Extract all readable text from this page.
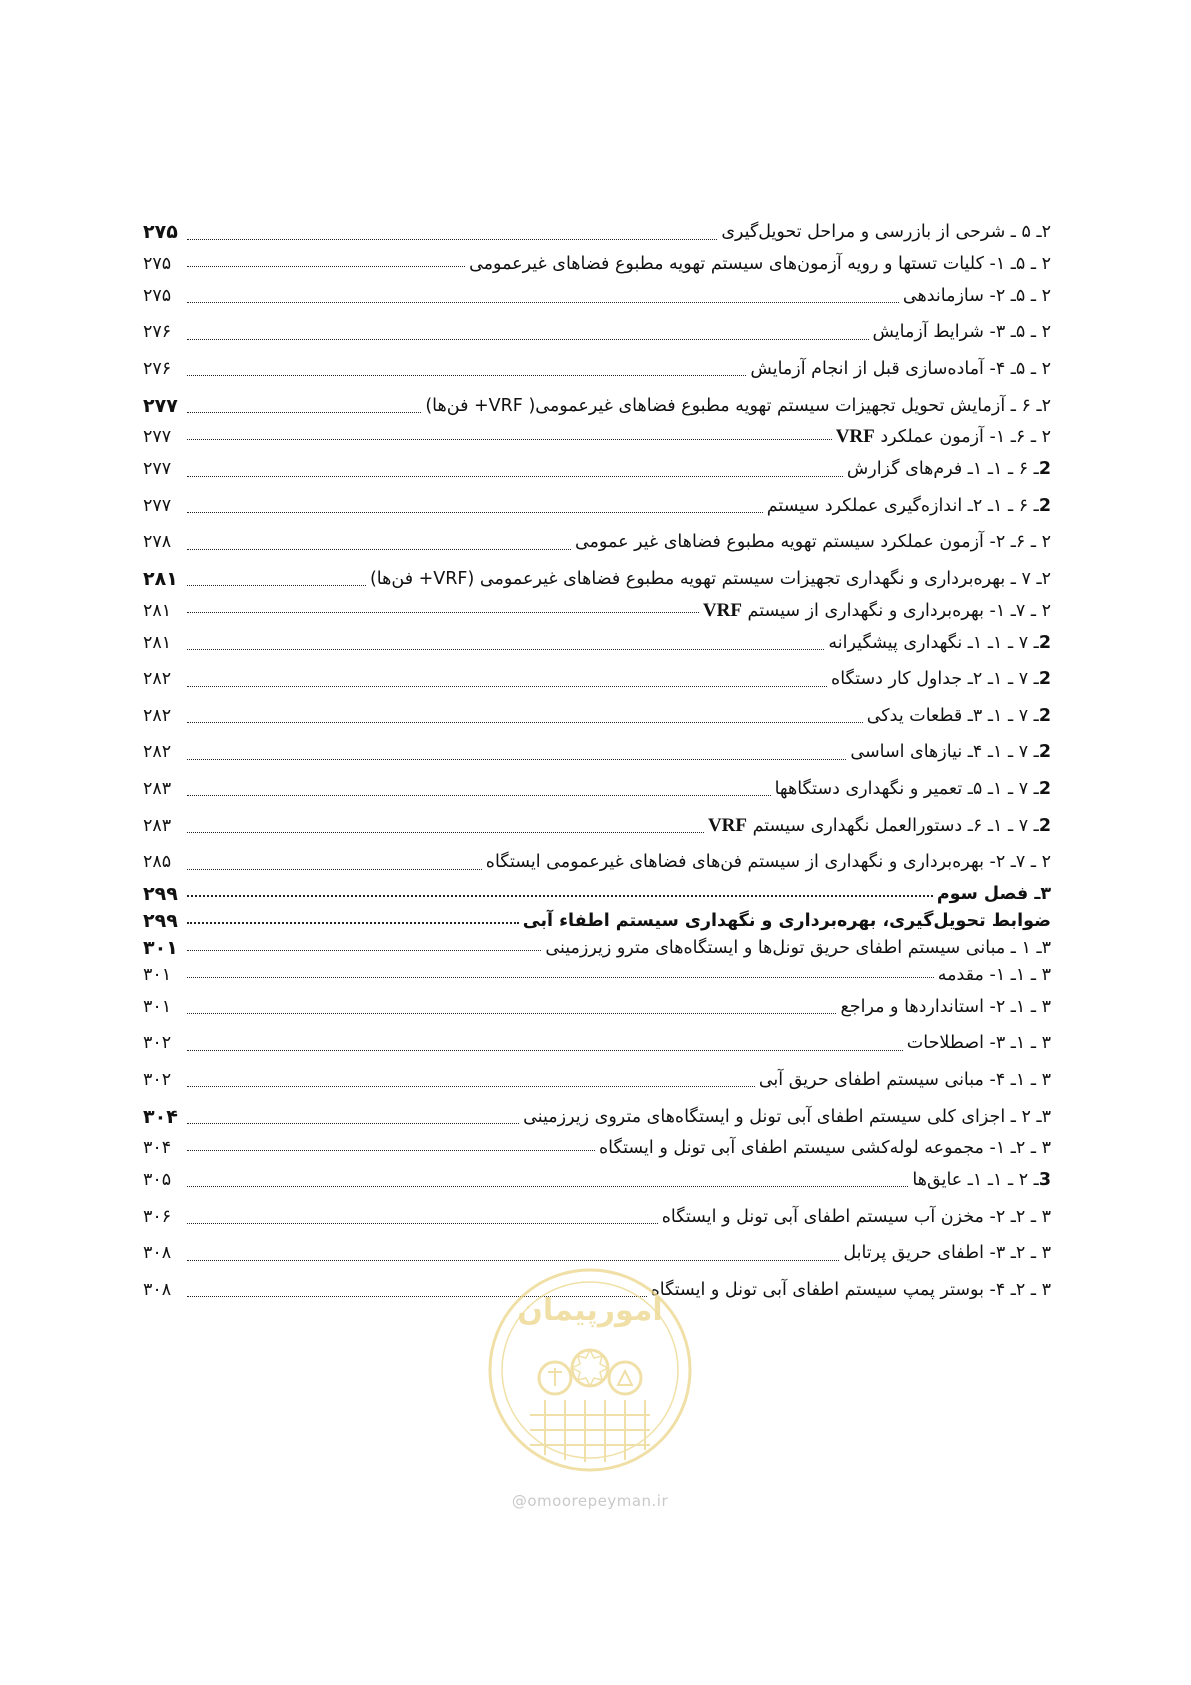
۲ـ ۵ ـ شرحی از بازرسی و مراحل تحویل‌گیری
۲۷۵
۲ ـ ۵ـ ۱- کلیات تستها و رویه آزمون‌های سیستم تهویه مطبوع فضاهای غیرعمومی
۲۷۵
۲ ـ ۵ـ ۲- سازماندهی
۲۷۵
۲ ـ ۵ـ ۳- شرایط آزمایش
۲۷۶
۲ ـ ۵ـ ۴- آماده‌سازی قبل از انجام آزمایش
۲۷۶
۲ـ ۶ ـ آزمایش تحویل تجهیزات سیستم تهویه مطبوع فضاهای غیرعمومی( VRF+ فن‌ها)
۲۷۷
۲ ـ ۶ـ ۱- آزمون عملکرد VRF
۲۷۷
2ـ ۶ ـ ۱ـ ۱ـ فرم‌های گزارش
۲۷۷
2ـ ۶ ـ ۱ـ ۲ـ اندازه‌گیری عملکرد سیستم
۲۷۷
۲ ـ ۶ـ ۲- آزمون عملکرد سیستم تهویه مطبوع فضاهای غیر عمومی
۲۷۸
۲ـ ۷ ـ بهره‌برداری و نگهداری تجهیزات سیستم تهویه مطبوع فضاهای غیرعمومی (VRF+ فن‌ها)
۲۸۱
۲ ـ ۷ـ ۱- بهره‌برداری و نگهداری از سیستم VRF
۲۸۱
2ـ ۷ ـ ۱ـ ۱ـ نگهداری پیشگیرانه
۲۸۱
2ـ ۷ ـ ۱ـ ۲ـ جداول کار دستگاه
۲۸۲
2ـ ۷ ـ ۱ـ ۳ـ قطعات یدکی
۲۸۲
2ـ ۷ ـ ۱ـ ۴ـ نیازهای اساسی
۲۸۲
2ـ ۷ ـ ۱ـ ۵ـ تعمیر و نگهداری دستگاهها
۲۸۳
2ـ ۷ ـ ۱ـ ۶ـ دستورالعمل نگهداری سیستم VRF
۲۸۳
۲ ـ ۷ـ ۲- بهره‌برداری و نگهداری از سیستم فن‌های فضاهای غیرعمومی ایستگاه
۲۸۵
۳ـ فصل سوم
۲۹۹
ضوابط تحویل‌گیری، بهره‌برداری و نگهداری سیستم اطفاء آبی
۲۹۹
۳ـ ۱ ـ مبانی سیستم اطفای حریق تونل‌ها و ایستگاه‌های مترو زیرزمینی
۳۰۱
۳ ـ ۱ـ ۱- مقدمه
۳۰۱
۳ ـ ۱ـ ۲- استانداردها و مراجع
۳۰۱
۳ ـ ۱ـ ۳- اصطلاحات
۳۰۲
۳ ـ ۱ـ ۴- مبانی سیستم اطفای حریق آبی
۳۰۲
۳ـ ۲ ـ اجزای کلی سیستم اطفای آبی تونل و ایستگاه‌های متروی زیرزمینی
۳۰۴
۳ ـ ۲ـ ۱- مجموعه لوله‌کشی سیستم اطفای آبی تونل و ایستگاه
۳۰۴
3ـ ۲ ـ ۱ـ ۱ـ عایق‌ها
۳۰۵
۳ ـ ۲ـ ۲- مخزن آب سیستم اطفای آبی تونل و ایستگاه
۳۰۶
۳ ـ ۲ـ ۳- اطفای حریق پرتابل
۳۰۸
۳ ـ ۲ـ ۴- بوستر پمپ سیستم اطفای آبی تونل و ایستگاه
۳۰۸
امورپیمان
@omoorepeyman.ir
